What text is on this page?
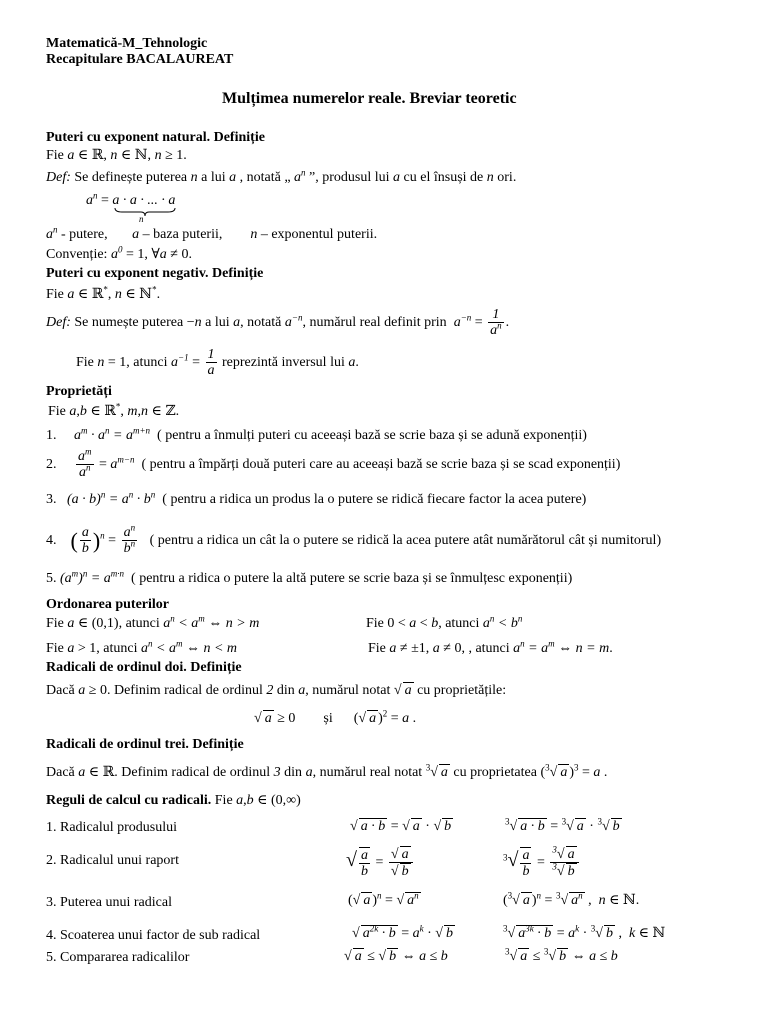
Matematică-M_Tehnologic
Recapitulare BACALAUREAT
Mulțimea numerelor reale. Breviar teoretic
Puteri cu exponent natural. Definiție
Fie a ∈ ℝ, n ∈ ℕ, n ≥ 1.
Def: Se definește puterea n a lui a , notată „ $a^n$ ”, produsul lui a cu el însuși de n ori.
$a^n = a \cdot a$ · ... · a
n
$a^n$ - putere, a – baza puterii, n – exponentul puterii.
Convenție: $a^0 = 1$, ∀a ≠ 0.
Puteri cu exponent negativ. Definiție
Fie a ∈ ℝ*, n ∈ ℕ*.
Def: Se numește puterea −n a lui a, notată $a^{-n}$, numărul real definit prin $a^{-n} = \frac{1}{a^n}$ .
Fie n = 1, atunci $a^{-1} = \frac{1}{a}$ reprezintă inversul lui a.
Proprietăți
Fie a,b ∈ ℝ*, m,n ∈ ℤ.
1.     $a^m \cdot a^n = a^{m+n}$ ( pentru a înmulți puteri cu aceeași bază se scrie baza și se adună exponenții)
2. $\frac{a^m}{a^n} = a^{m-n}$ ( pentru a împărți două puteri care au aceeași bază se scrie baza și se scad exponenții)
3.   $(a \cdot b)^n = a^n \cdot b^n$ ( pentru a ridica un produs la o putere se ridică fiecare factor la acea putere)
4.    ( $\frac{a}{b} )^n = \frac{a^n}{b^n}$ ( pentru a ridica un cât la o putere se ridică la acea putere atât numărătorul cât și numitorul)
5. $(a^m)^n = a^{m\cdot n}$ ( pentru a ridica o putere la altă putere se scrie baza și se înmulțesc exponenții)
Ordonarea puterilor
Fie a ∈ (0,1), atunci $a^n < a^m$ ⇔ n > m	Fie 0 < a < b, atunci $a^n < b^n$
Fie a > 1, atunci $a^n < a^m$ ⇔ n < m	Fie a ≠ ±1, a ≠ 0, , atunci $a^n = a^m$ ⇔ n = m.
Radicali de ordinul doi. Definiție
Dacă a ≥ 0. Definim radical de ordinul 2 din a, numărul notat √ a cu proprietățile:
√ a ≥ 0        și      (√ a )$^2$ = a .
Radicali de ordinul trei. Definiție
Dacă a ∈ ℝ. Definim radical de ordinul 3 din a, numărul real notat $^3$√ a cu proprietatea ($^3$√ a )$^3$ = a .
Reguli de calcul cu radicali. Fie a,b ∈ (0,∞)
1. Radicalul produsului	√ a · b = √ a · √ b	$^3$√ a · b = $^3$√ a · $^3$√ b
2. Radicalul unui raport	√ $\frac{a}{b} = \frac{√ a}{√ b}$	$^3√ \frac{a}{b} = \frac{^3√ a}{^3√ b}$
3. Puterea unui radical	(√ a )$^n$ = √ $a^n$	($^3$√ a )$^n$ = $^3$√ $a^n$ ,  n ∈ ℕ.
4. Scoaterea unui factor de sub radical	√ $a^{2k} \cdot b = a^k$ · √ b	$^3$√ $a^{3k} \cdot b = a^k \cdot ^3√$ b ,  k ∈ ℕ
5. Compararea radicalilor	√ a ≤ √ b ⇔ a ≤ b	$^3$√ a ≤ $^3$√ b ⇔ a ≤ b
